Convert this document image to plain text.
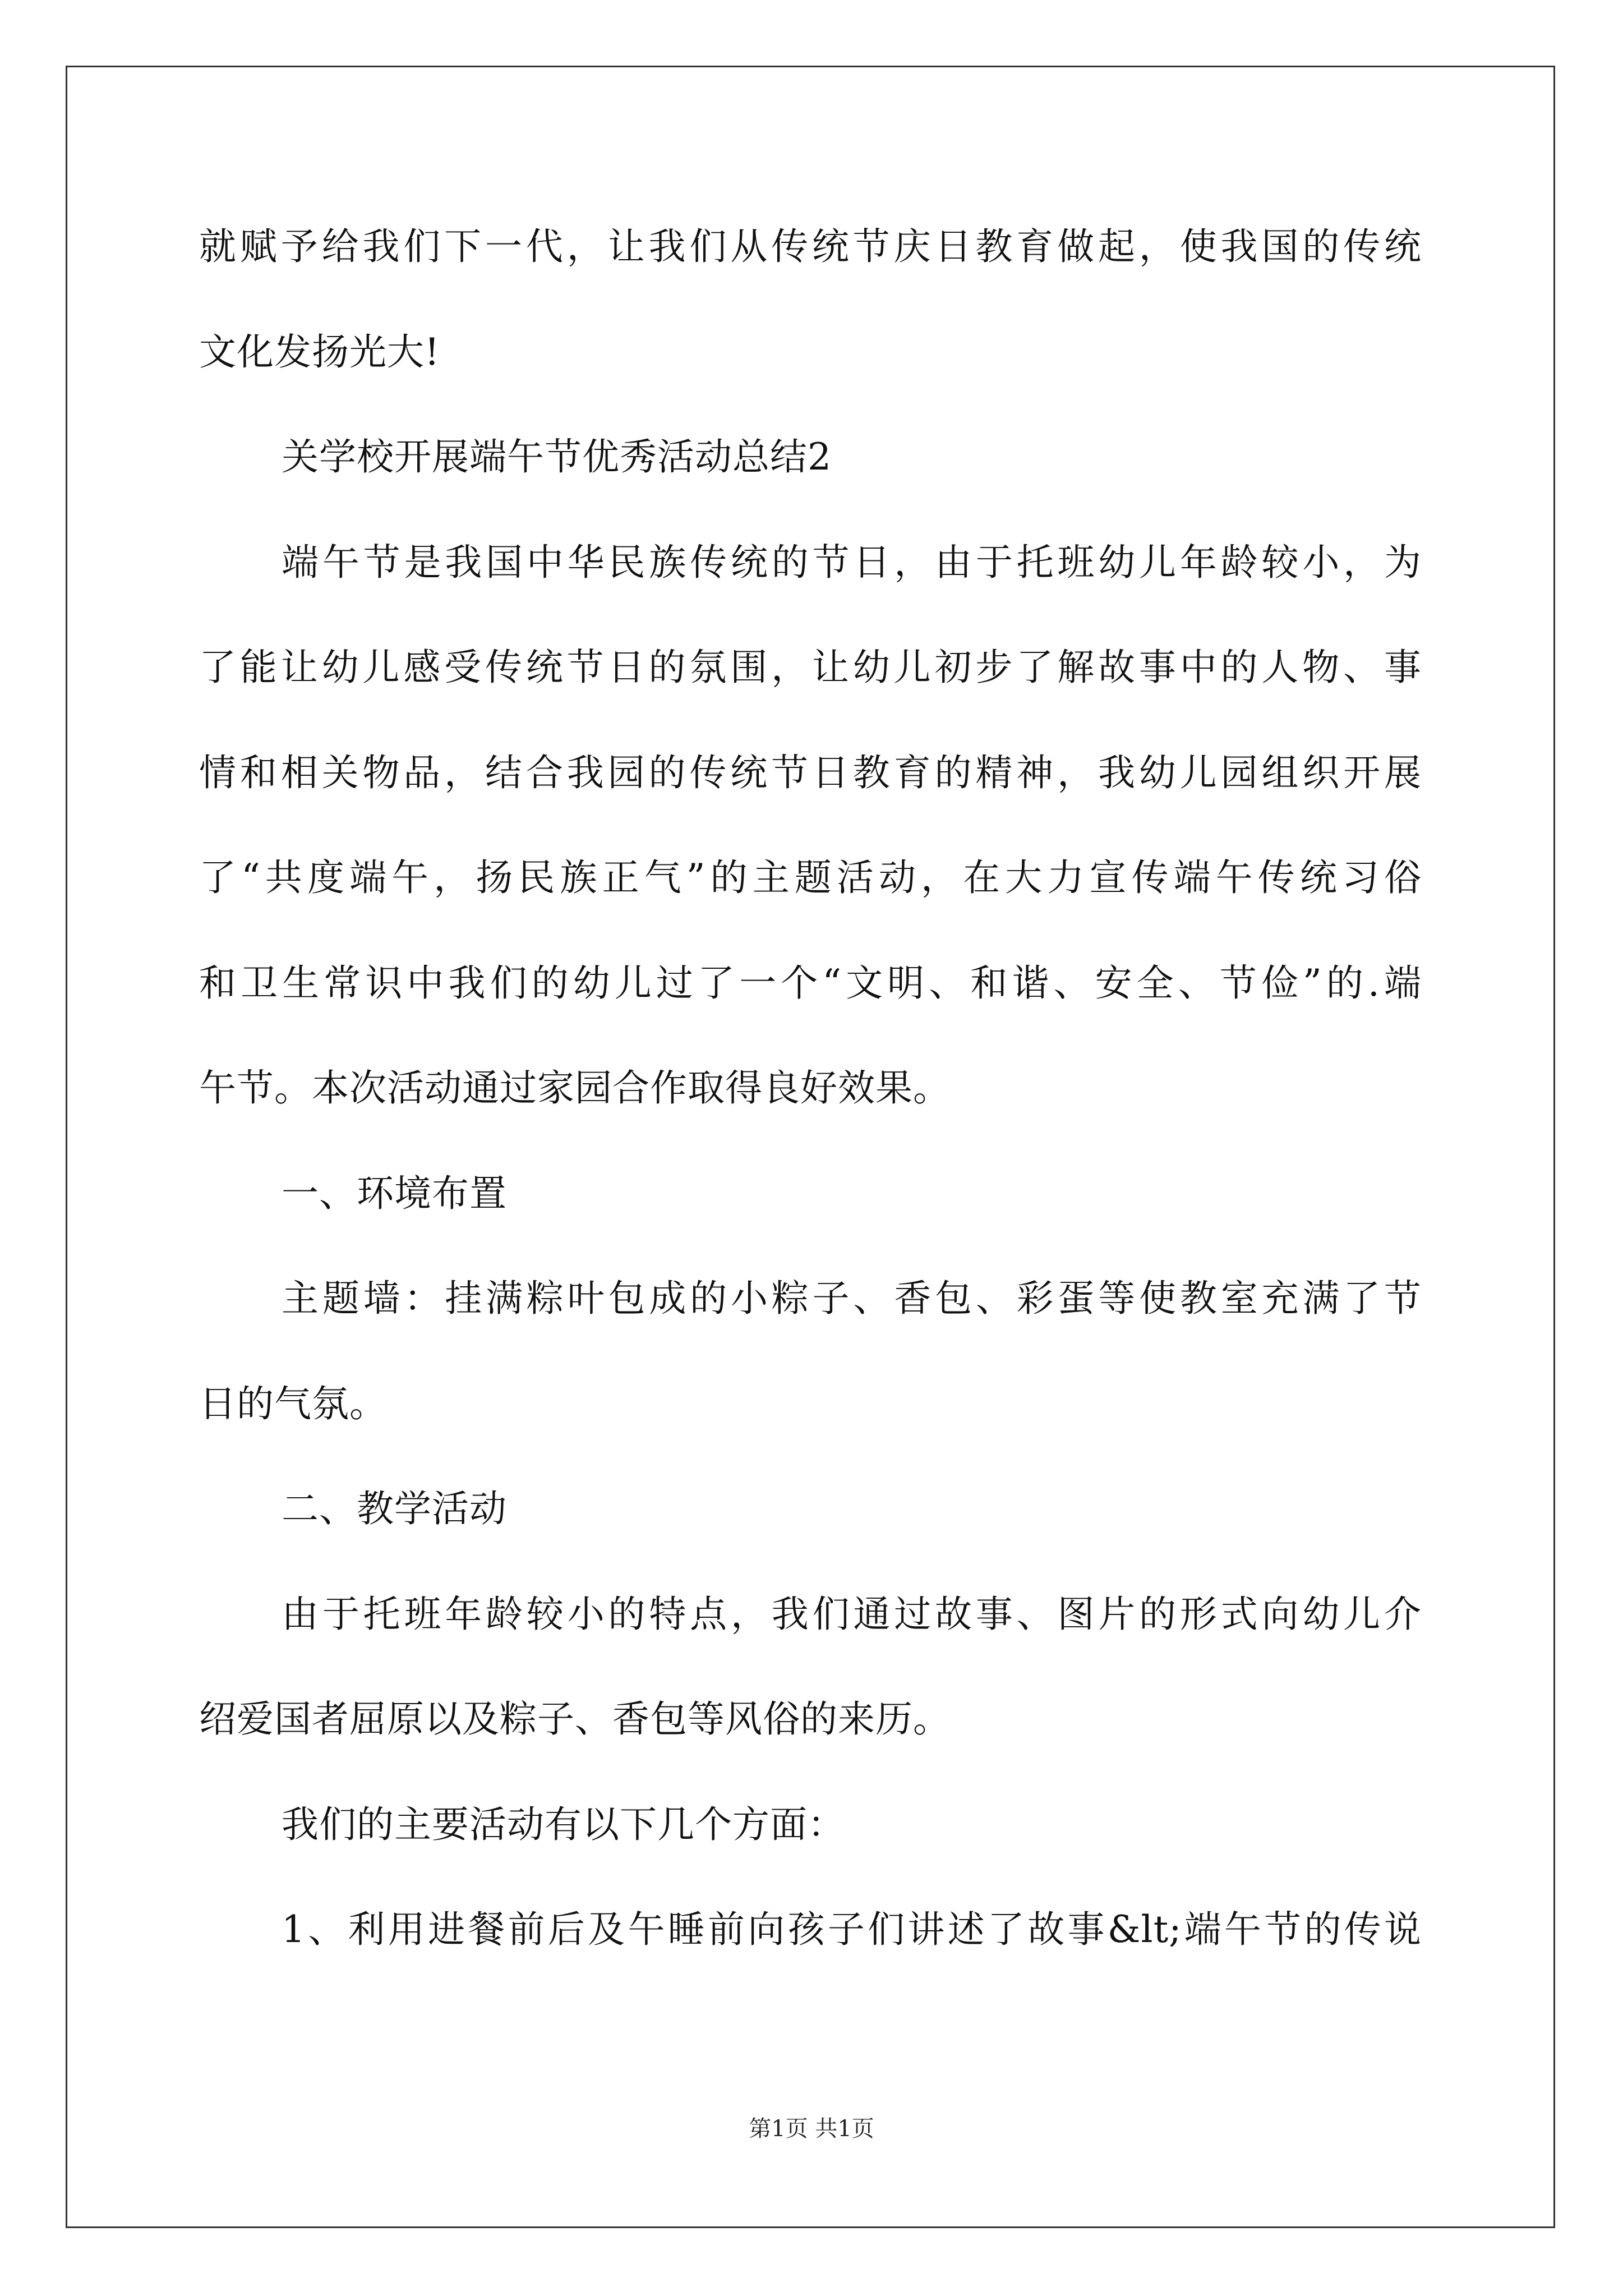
就赋予给我们下一代，让我们从传统节庆日教育做起，使我国的传统
文化发扬光大!
关学校开展端午节优秀活动总结2
端午节是我国中华民族传统的节日，由于托班幼儿年龄较小，为
了能让幼儿感受传统节日的氛围，让幼儿初步了解故事中的人物、事
情和相关物品，结合我园的传统节日教育的精神，我幼儿园组织开展
了“共度端午，扬民族正气”的主题活动，在大力宣传端午传统习俗
和卫生常识中我们的幼儿过了一个“文明、和谐、安全、节俭”的.端
午节。本次活动通过家园合作取得良好效果。
一、环境布置
主题墙：挂满粽叶包成的小粽子、香包、彩蛋等使教室充满了节
日的气氛。
二、教学活动
由于托班年龄较小的特点，我们通过故事、图片的形式向幼儿介
绍爱国者屈原以及粽子、香包等风俗的来历。
我们的主要活动有以下几个方面：
1、利用进餐前后及午睡前向孩子们讲述了故事&lt;端午节的传说
第1页 共1页
